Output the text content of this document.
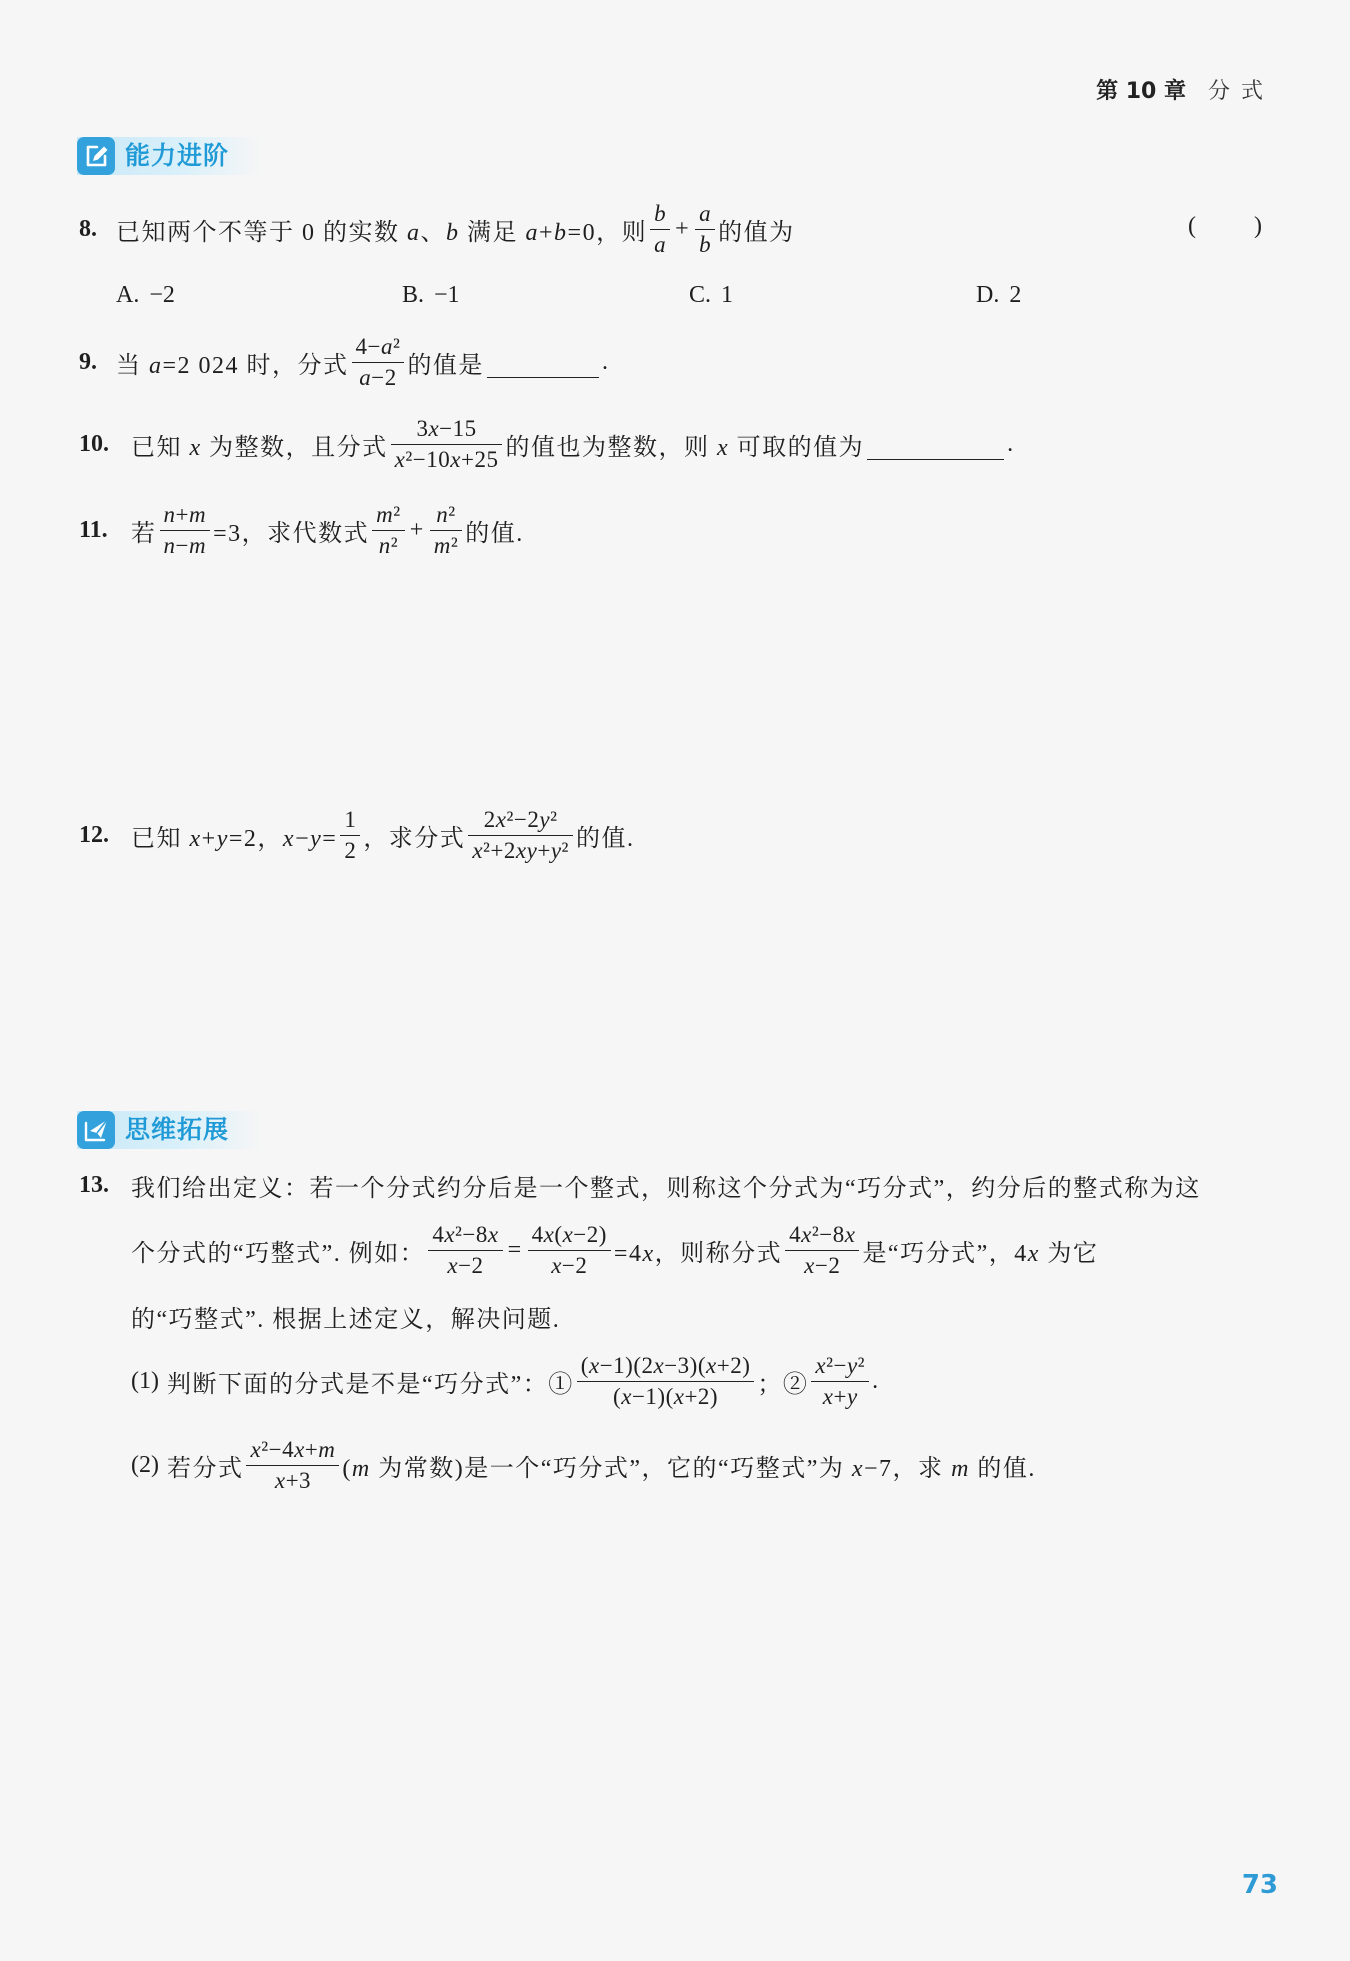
第 10 章 分 式
能力进阶
8. 已知两个不等于 0 的实数 a、b 满足 a+b=0，则 $\frac{b}{a} + \frac{a}{b}$ 的值为	( )
A. −2	B. −1	C. 1	D. 2
9. 当 a=2 024 时，分式 $\frac{\text{4−a²}}{a-2}$ 的值是	.
10. 已知 x 为整数，且分式 $\frac{3x-15}{\text{x²−10x+25}}$ 的值也为整数，则 x 可取的值为	.
11. 若 $\frac{n+m}{n-m} =3$，求代数式 $\frac{\text{m²}}{\text{n²}} + \frac{\text{n²}}{\text{m²}}$ 的值.
12. 已知 x+y=2，$x-y= \frac{1}{2}$ ，求分式 $\frac{\text{2x²−2y²}}{\text{x²+2xy+y²}}$ 的值.
思维拓展
13. 我们给出定义：若一个分式约分后是一个整式，则称这个分式为“巧分式”，约分后的整式称为这
个分式的“巧整式”. 例如： $\frac{\text{4x²−8x}}{x-2} = \frac{4x(x-2)}{x-2} =4x$，则称分式 $\frac{\text{4x²−8x}}{x-2}$ 是“巧分式”，4x 为它
的“巧整式”. 根据上述定义，解决问题.
(1) 判断下面的分式是不是“巧分式”：① $\frac{(x-1)(2x-3)(x+2)}{(x-1)(x+2)}$ ；② $\frac{\text{x²−y²}}{x+y}$ .
(2) 若分式 $\frac{\text{x²−4x+m}}{x+3} (m$ 为常数)是一个“巧分式”，它的“巧整式”为 x−7，求 m 的值.
73
